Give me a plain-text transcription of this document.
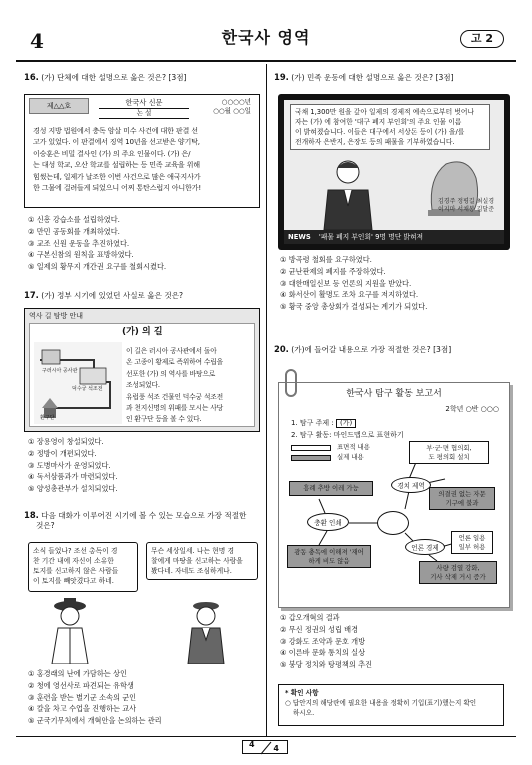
4	한국사 영역	고 2
16. (가) 단체에 대한 설명으로 옳은 것은? [3점]
제△△호	한국사 신문
논 설
○○○○년
○○월 ○○일
경성 지방 법원에서 충독 암살 미수 사건에 대한 판결 선
고가 있었다. 이 판결에서 징역 10년을 선고받은 양기탁,
이승훈은 비밀 결사인 (가) 의 주요 인물이다. (가) 은/
는 대성 학교, 오산 학교를 설립하는 등 민족 교육을 위해
힘썼는데, 일제가 날조한 이번 사건으로 많은 애국지사가
한 그물에 걸려들게 되었으니 어찌 통탄스럽지 아니한가!
① 신흥 강습소를 설립하였다.
② 만민 공동회를 개최하였다.
③ 교조 신원 운동을 추진하였다.
④ 구본신참의 원칙을 표방하였다.
⑤ 일제의 황무지 개간권 요구를 철회시켰다.
17. (가) 정부 시기에 있었던 사실로 옳은 것은?
역사 길 탐방 안내
(가) 의 길
구러시아 공사관
덕수궁 석조전
환구단
이 길은 러시아 공사관에서 돌아
온 고종이 황제로 즉위하여 수립을
선포한 (가) 의 역사를 바탕으로
조성되었다.
유럽풍 석조 건물인 덕수궁 석조전
과 천지신명의 위패를 모시는 사당
인 환구단 등을 볼 수 있다.
① 장용영이 창설되었다.
② 정방이 개편되었다.
③ 도병마사가 운영되었다.
④ 독서삼품과가 마련되었다.
⑤ 양성총관부가 설치되었다.
18. 다음 대화가 이루어진 시기에 볼 수 있는 모습으로 가장 적절한
것은?
소식 들었나? 조선 총독이 경
찬 기간 내에 자신이 소유한
토지를 신고하지 않은 사람들
이 토지를 빼앗겼다고 하네.
무슨 세상일세. 나는 현명 경
찰에게 마땅을 신고하는 사람을
봤다네. 자네도 조심하게나.
① 홍경래의 난에 가담하는 상인
② 청에 영선사로 파견되는 유학생
③ 훈련을 받는 별기군 소속의 군인
④ 칼을 차고 수업을 진행하는 교사
⑤ 군국기무처에서 개혁안을 논의하는 관리
19. (가) 민족 운동에 대한 설명으로 옳은 것은? [3점]
국채 1,300만 원을 갚아 일제의 경제적 예속으로부터 벗어나
자는 (가) 에 참여한 '대구 폐지 부인회'의 주요 인물 이름
이 밝혀졌습니다. 이들은 대구에서 서상돈 등이 (가) 을/를
전개하자 은반지, 은장도 등의 패물을 기부하였습니다.
김경주 정평길 최실경
이지마 서채봉 김달준
NEWS '패물 폐지 부인회' 9명 명단 밝혀져
① 방곡령 철회를 요구하였다.
② 균난판제의 폐지를 주장하였다.
③ 대한매일신보 등 언론의 지원을 받았다.
④ 화서산이 활명도 조차 요구를 저지하였다.
⑤ 황국 중앙 총상회가 결성되는 계기가 되었다.
20. (가)에 들어갈 내용으로 가장 적절한 것은? [3점]
한국사 탐구 활동 보고서
2학년 ○반 ○○○
1. 탐구 주제 : (가)
2. 탐구 활동: 마인드맵으로 표현하기
표면적 내용
실제 내용
흥례 추방 이레 가능
충환 인쇄
광동 충독에 이해져 '재어
하게 비도 않음
경치 제역
부·군·면 협의회,
도 평의회 설치
의결권 없는 자문
기구에 불과
언론 경제
언론 일용
일부 허용
사량 검열 강화,
기사 삭제 거시 증가
① 갑오개혁의 결과
② 무신 정권의 성립 배경
③ 강화도 조약과 문호 개방
④ 이른바 문화 통치의 실상
⑤ 붕당 정치와 탕평책의 추진
* 확인 사항
○ 답안지의 해당란에 필요한 내용을 정확히 기입(표기)했는지 확인
하시오.
4 4
